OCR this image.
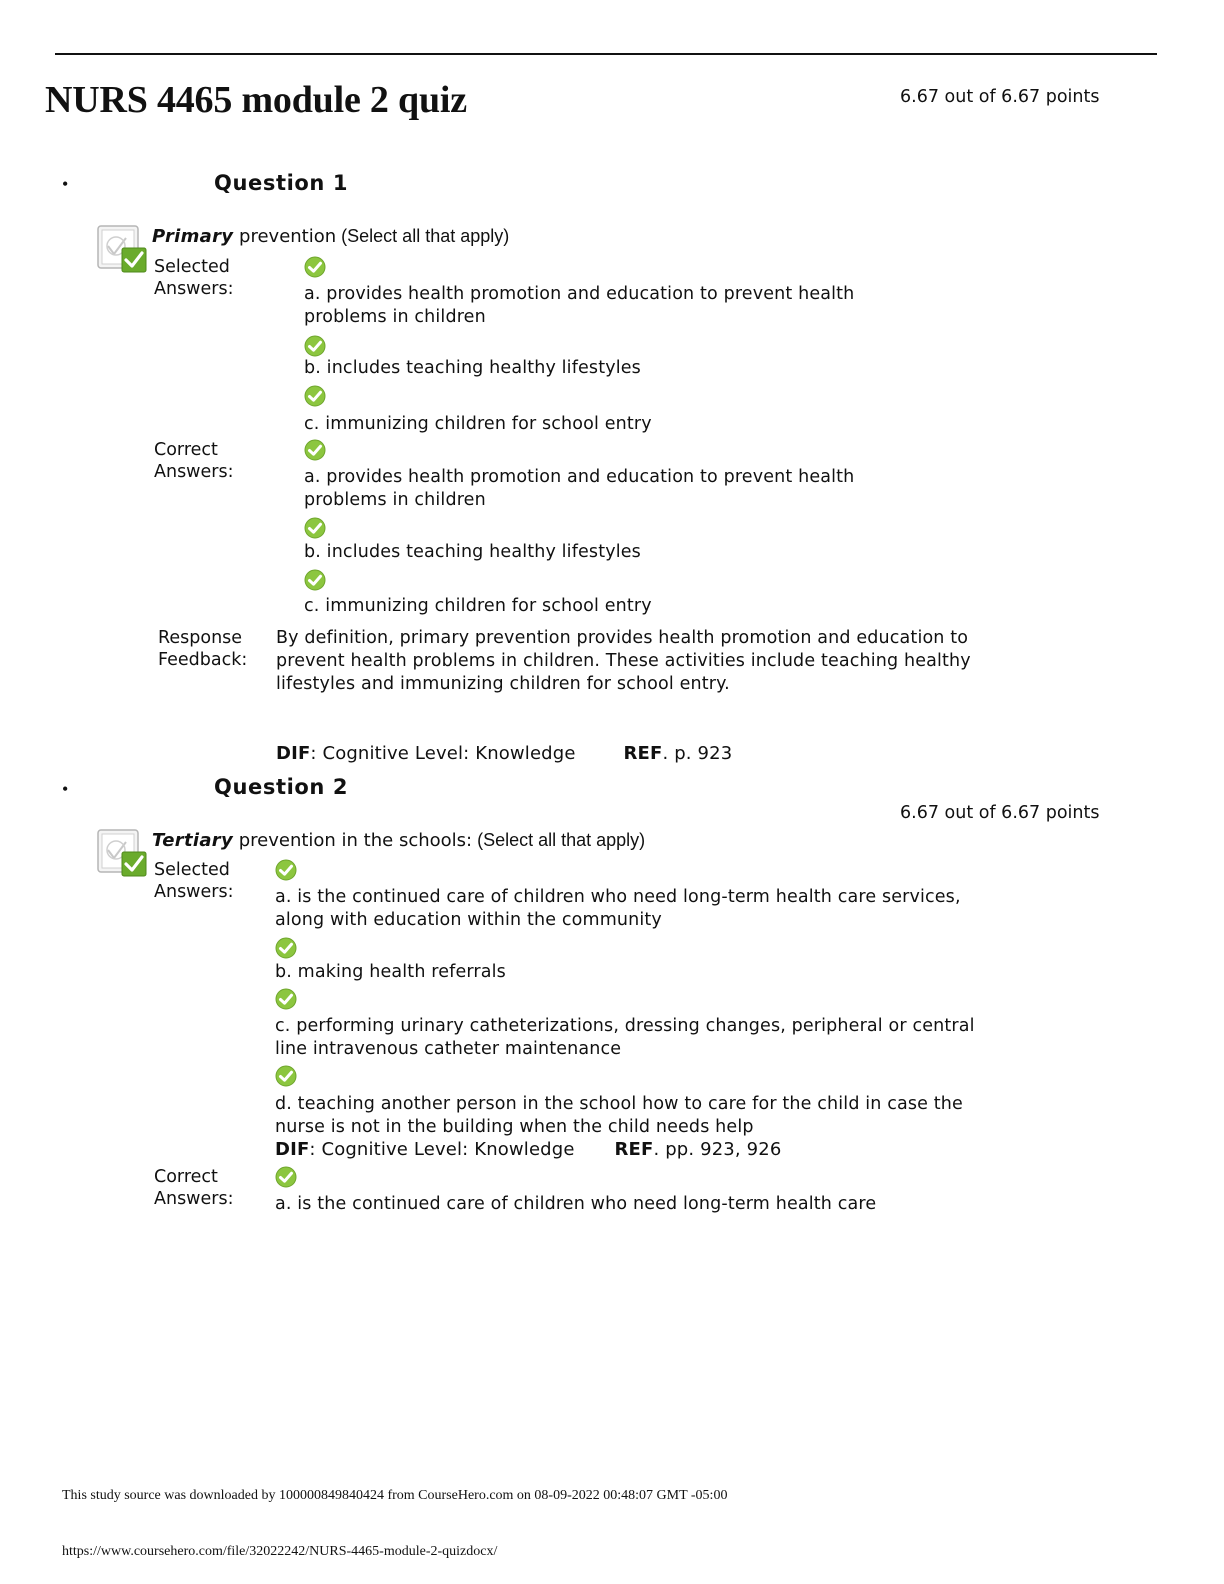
NURS 4465 module 2 quiz	6.67 out of 6.67 points
•	Question 1
Primary prevention (Select all that apply)
Selected Answers:	a. provides health promotion and education to prevent health problems in children
b. includes teaching healthy lifestyles
c. immunizing children for school entry
Correct Answers:	a. provides health promotion and education to prevent health problems in children
b. includes teaching healthy lifestyles
c. immunizing children for school entry
Response Feedback:
By definition, primary prevention provides health promotion and education to prevent health problems in children. These activities include teaching healthy lifestyles and immunizing children for school entry.
DIF: Cognitive Level: Knowledge	REF. p. 923
•	Question 2
6.67 out of 6.67 points
Tertiary prevention in the schools: (Select all that apply)
Selected Answers:	a. is the continued care of children who need long-term health care services, along with education within the community
b. making health referrals
c. performing urinary catheterizations, dressing changes, peripheral or central line intravenous catheter maintenance
d. teaching another person in the school how to care for the child in case the nurse is not in the building when the child needs help
DIF: Cognitive Level: Knowledge REF. pp. 923, 926
Correct Answers:	a. is the continued care of children who need long-term health care
This study source was downloaded by 100000849840424 from CourseHero.com on 08-09-2022 00:48:07 GMT -05:00
https://www.coursehero.com/file/32022242/NURS-4465-module-2-quizdocx/
